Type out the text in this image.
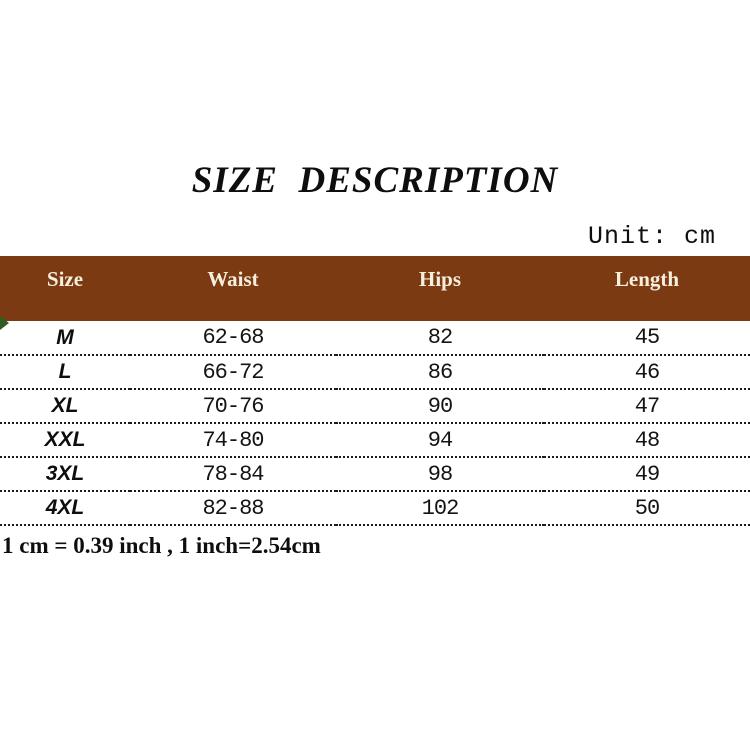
SIZE  DESCRIPTION
Unit: cm
Size	Waist	Hips	Length
M	62-68	82	45
L	66-72	86	46
XL	70-76	90	47
XXL	74-80	94	48
3XL	78-84	98	49
4XL	82-88	102	50
1 cm = 0.39 inch , 1 inch=2.54cm
